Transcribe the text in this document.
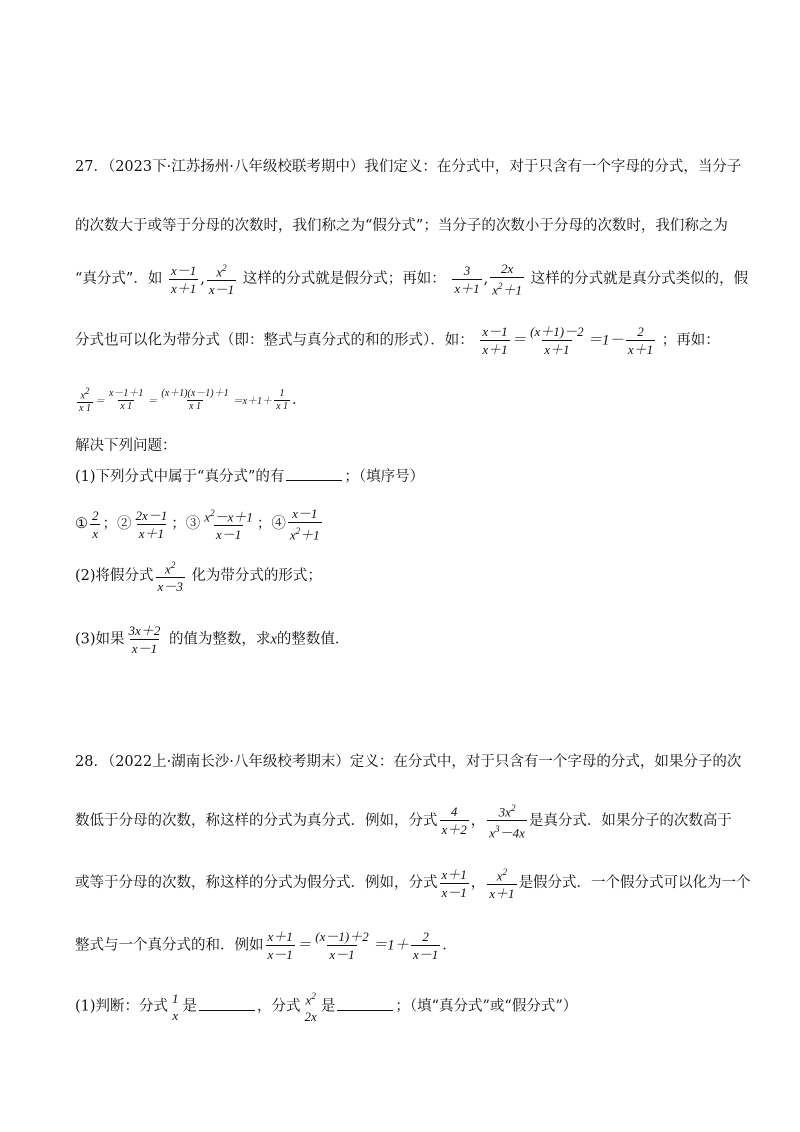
27．（2023下·江苏扬州·八年级校联考期中）我们定义：在分式中，对于只含有一个字母的分式，当分子
的次数大于或等于分母的次数时，我们称之为“假分式”；当分子的次数小于分母的次数时，我们称之为
“真分式”．如 $\frac{x-1}{x+1}$ , $\frac{x^2}{x-1}$ 这样的分式就是假分式；再如： $\frac{3}{x+1}$ , $\frac{2x}{x^2+1}$ 这样的分式就是真分式类似的，假
分式也可以化为带分式（即：整式与真分式的和的形式）．如： $\frac{x-1}{x+1} = \frac{(x+1)-2}{x+1} =1- \frac{2}{x+1}$ ；再如：
$\frac{x2}{x 1} = \frac{x-1+1}{x 1} = \frac{(x+1)(x-1)+1}{x 1} =x+1+ \frac{1}{x 1}$ ．
解决下列问题：
(1)下列分式中属于“真分式”的有	；（填序号）
① $\frac{2}{x}$ ；② $\frac{2x-1}{x+1}$ ；③ $\frac{x^2-x+1}{x-1}$ ；④ $\frac{x-1}{x^2+1}$
(2)将假分式 $\frac{x^2}{x-3}$ 化为带分式的形式；
(3)如果 $\frac{3x+2}{x-1}$ 的值为整数，求x的整数值．
28．（2022上·湖南长沙·八年级校考期末）定义：在分式中，对于只含有一个字母的分式，如果分子的次
数低于分母的次数，称这样的分式为真分式．例如，分式 $\frac{4}{x+2}$ ， $\frac{3x^2}{x^3-4x}$ 是真分式．如果分子的次数高于
或等于分母的次数，称这样的分式为假分式．例如，分式 $\frac{x+1}{x-1}$ ， $\frac{x^2}{x+1}$ 是假分式．一个假分式可以化为一个
整式与一个真分式的和．例如 $\frac{x+1}{x-1} = \frac{(x-1)+2}{x-1} =1+ \frac{2}{x-1}$ ．
(1)判断：分式
1
x
是	，分式 $x^2$
2x
是	；（填“真分式”或“假分式”）
